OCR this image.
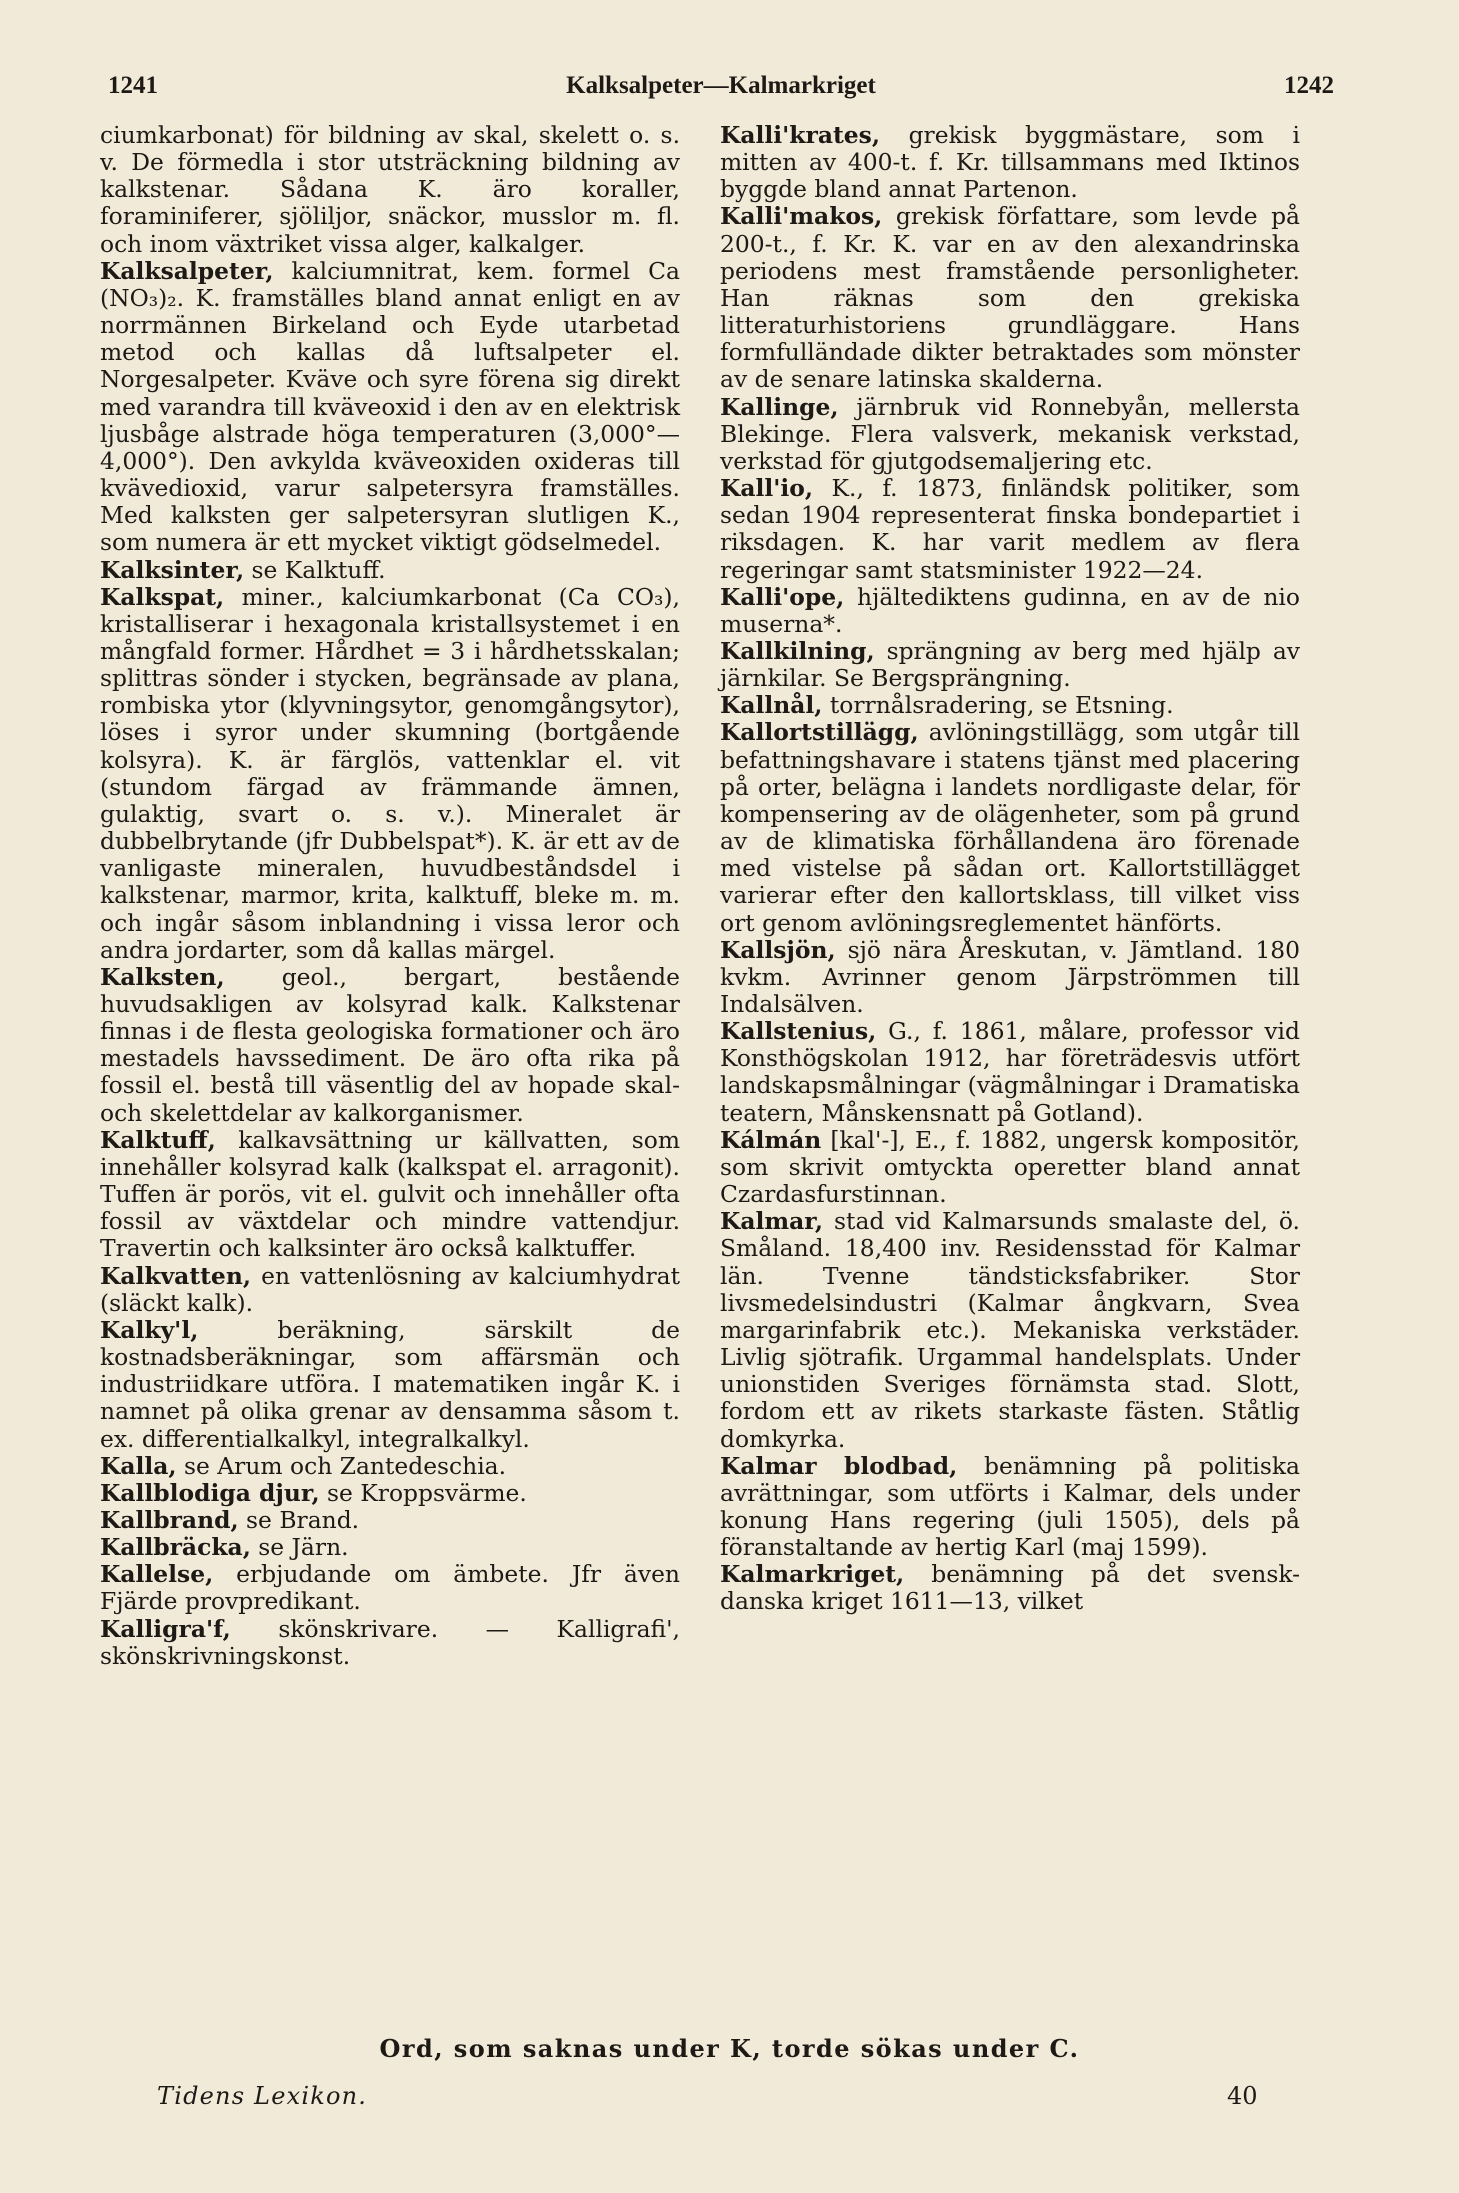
1241	Kalksalpeter—Kalmarkriget	1242

ciumkarbonat) för bildning av skal, skelett o. s. v. De förmedla i stor utsträckning bildning av kalkstenar. Sådana K. äro koraller, foraminiferer, sjöliljor, snäckor, musslor m. fl. och inom växtriket vissa alger, kalkalger.

Kalksalpeter, kalciumnitrat, kem. formel Ca (NO₃)₂. K. framställes bland annat enligt en av norrmännen Birkeland och Eyde utarbetad metod och kallas då luftsalpeter el. Norgesalpeter. Kväve och syre förena sig direkt med varandra till kväveoxid i den av en elektrisk ljusbåge alstrade höga temperaturen (3,000°—4,000°). Den avkylda kväveoxiden oxideras till kvävedioxid, varur salpetersyra framställes. Med kalksten ger salpetersyran slutligen K., som numera är ett mycket viktigt gödselmedel.

Kalksinter, se Kalktuff.

Kalkspat, miner., kalciumkarbonat (Ca CO₃), kristalliserar i hexagonala kristallsystemet i en mångfald former. Hårdhet = 3 i hårdhetsskalan; splittras sönder i stycken, begränsade av plana, rombiska ytor (klyvningsytor, genomgångsytor), löses i syror under skumning (bortgående kolsyra). K. är färglös, vattenklar el. vit (stundom färgad av främmande ämnen, gulaktig, svart o. s. v.). Mineralet är dubbelbrytande (jfr Dubbelspat*). K. är ett av de vanligaste mineralen, huvudbeståndsdel i kalkstenar, marmor, krita, kalktuff, bleke m. m. och ingår såsom inblandning i vissa leror och andra jordarter, som då kallas märgel.

Kalksten, geol., bergart, bestående huvudsakligen av kolsyrad kalk. Kalkstenar finnas i de flesta geologiska formationer och äro mestadels havssediment. De äro ofta rika på fossil el. bestå till väsentlig del av hopade skal- och skelettdelar av kalkorganismer.

Kalktuff, kalkavsättning ur källvatten, som innehåller kolsyrad kalk (kalkspat el. arragonit). Tuffen är porös, vit el. gulvit och innehåller ofta fossil av växtdelar och mindre vattendjur. Travertin och kalksinter äro också kalktuffer.

Kalkvatten, en vattenlösning av kalciumhydrat (släckt kalk).

Kalky'l, beräkning, särskilt de kostnadsberäkningar, som affärsmän och industriidkare utföra. I matematiken ingår K. i namnet på olika grenar av densamma såsom t. ex. differentialkalkyl, integralkalkyl.

Kalla, se Arum och Zantedeschia.

Kallblodiga djur, se Kroppsvärme.

Kallbrand, se Brand.

Kallbräcka, se Järn.

Kallelse, erbjudande om ämbete. Jfr även Fjärde provpredikant.

Kalligra'f, skönskrivare. — Kalligrafi', skönskrivningskonst.

Kalli'krates, grekisk byggmästare, som i mitten av 400-t. f. Kr. tillsammans med Iktinos byggde bland annat Partenon.

Kalli'makos, grekisk författare, som levde på 200-t., f. Kr. K. var en av den alexandrinska periodens mest framstående personligheter. Han räknas som den grekiska litteraturhistoriens grundläggare. Hans formfulländade dikter betraktades som mönster av de senare latinska skalderna.

Kallinge, järnbruk vid Ronnebyån, mellersta Blekinge. Flera valsverk, mekanisk verkstad, verkstad för gjutgodsemaljering etc.

Kall'io, K., f. 1873, finländsk politiker, som sedan 1904 representerat finska bondepartiet i riksdagen. K. har varit medlem av flera regeringar samt statsminister 1922—24.

Kalli'ope, hjältediktens gudinna, en av de nio muserna*.

Kallkilning, sprängning av berg med hjälp av järnkilar. Se Bergsprängning.

Kallnål, torrnålsradering, se Etsning.

Kallortstillägg, avlöningstillägg, som utgår till befattningshavare i statens tjänst med placering på orter, belägna i landets nordligaste delar, för kompensering av de olägenheter, som på grund av de klimatiska förhållandena äro förenade med vistelse på sådan ort. Kallortstillägget varierar efter den kallortsklass, till vilket viss ort genom avlöningsreglementet hänförts.

Kallsjön, sjö nära Åreskutan, v. Jämtland. 180 kvkm. Avrinner genom Järpströmmen till Indalsälven.

Kallstenius, G., f. 1861, målare, professor vid Konsthögskolan 1912, har företrädesvis utfört landskapsmålningar (vägmålningar i Dramatiska teatern, Månskensnatt på Gotland).

Kálmán [kal'-], E., f. 1882, ungersk kompositör, som skrivit omtyckta operetter bland annat Czardasfurstinnan.

Kalmar, stad vid Kalmarsunds smalaste del, ö. Småland. 18,400 inv. Residensstad för Kalmar län. Tvenne tändsticksfabriker. Stor livsmedelsindustri (Kalmar ångkvarn, Svea margarinfabrik etc.). Mekaniska verkstäder. Livlig sjötrafik. Urgammal handelsplats. Under unionstiden Sveriges förnämsta stad. Slott, fordom ett av rikets starkaste fästen. Ståtlig domkyrka.

Kalmar blodbad, benämning på politiska avrättningar, som utförts i Kalmar, dels under konung Hans regering (juli 1505), dels på föranstaltande av hertig Karl (maj 1599).

Kalmarkriget, benämning på det svensk-danska kriget 1611—13, vilket

Ord, som saknas under K, torde sökas under C.
Tidens Lexikon.	40
